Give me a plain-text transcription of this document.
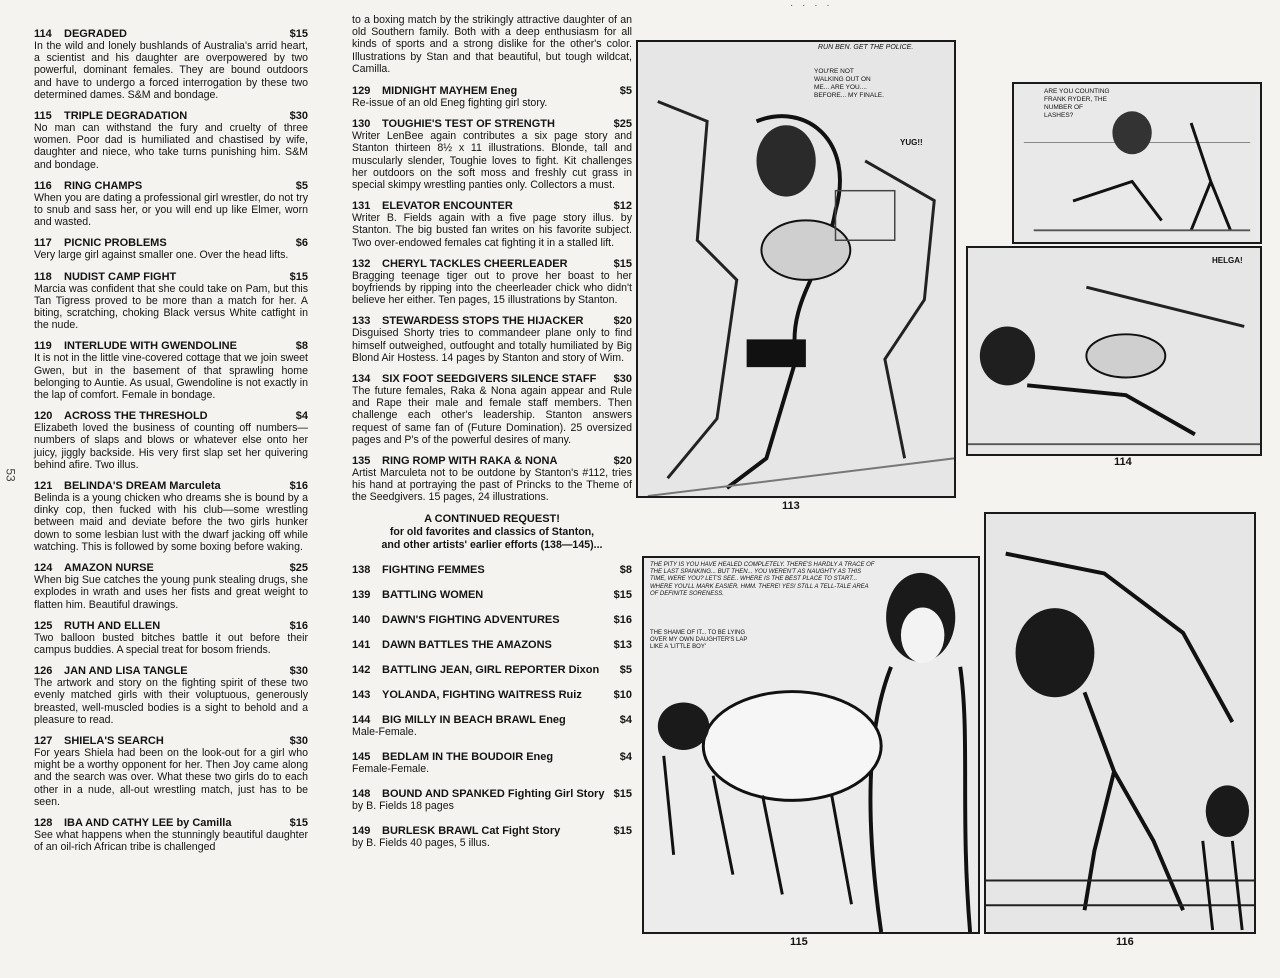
· · · ·
53
114 DEGRADED	$15
In the wild and lonely bushlands of Australia's arrid heart, a scientist and his daughter are overpowered by two powerful, dominant females. They are bound outdoors and have to undergo a forced interrogation by these two determined dames. S&M and bondage.
115 TRIPLE DEGRADATION	$30
No man can withstand the fury and cruelty of three women. Poor dad is humiliated and chastised by wife, daughter and niece, who take turns punishing him. S&M and bondage.
116 RING CHAMPS	$5
When you are dating a professional girl wrestler, do not try to snub and sass her, or you will end up like Elmer, worn and wasted.
117 PICNIC PROBLEMS	$6
Very large girl against smaller one. Over the head lifts.
118 NUDIST CAMP FIGHT	$15
Marcia was confident that she could take on Pam, but this Tan Tigress proved to be more than a match for her. A biting, scratching, choking Black versus White catfight in the nude.
119 INTERLUDE WITH GWENDOLINE	$8
It is not in the little vine-covered cottage that we join sweet Gwen, but in the basement of that sprawling home belonging to Auntie. As usual, Gwendoline is not exactly in the lap of comfort. Female in bondage.
120 ACROSS THE THRESHOLD	$4
Elizabeth loved the business of counting off numbers—numbers of slaps and blows or whatever else onto her juicy, jiggly backside. His very first slap set her quivering behind afire. Two illus.
121 BELINDA'S DREAM Marculeta	$16
Belinda is a young chicken who dreams she is bound by a dinky cop, then fucked with his club—some wrestling between maid and deviate before the two girls hunker down to some lesbian lust with the dwarf jacking off while watching. This is followed by some boxing before waking.
124 AMAZON NURSE	$25
When big Sue catches the young punk stealing drugs, she explodes in wrath and uses her fists and great weight to flatten him. Beautiful drawings.
125 RUTH AND ELLEN	$16
Two balloon busted bitches battle it out before their campus buddies. A special treat for bosom friends.
126 JAN AND LISA TANGLE	$30
The artwork and story on the fighting spirit of these two evenly matched girls with their voluptuous, generously breasted, well-muscled bodies is a sight to behold and a pleasure to read.
127 SHIELA'S SEARCH	$30
For years Shiela had been on the look-out for a girl who might be a worthy opponent for her. Then Joy came along and the search was over. What these two girls do to each other in a nude, all-out wrestling match, just has to be seen.
128 IBA AND CATHY LEE by Camilla	$15
See what happens when the stunningly beautiful daughter of an oil-rich African tribe is challenged

to a boxing match by the strikingly attractive daughter of an old Southern family. Both with a deep enthusiasm for all kinds of sports and a strong dislike for the other's color. Illustrations by Stan and that beautiful, but tough wildcat, Camilla.

129 MIDNIGHT MAYHEM Eneg	$5
Re-issue of an old Eneg fighting girl story.
130 TOUGHIE'S TEST OF STRENGTH	$25
Writer LenBee again contributes a six page story and Stanton thirteen 8½ x 11 illustrations. Blonde, tall and muscularly slender, Toughie loves to fight. Kit challenges her outdoors on the soft moss and freshly cut grass in special skimpy wrestling panties only. Collectors a must.
131 ELEVATOR ENCOUNTER	$12
Writer B. Fields again with a five page story illus. by Stanton. The big busted fan writes on his favorite subject. Two over-endowed females cat fighting it in a stalled lift.
132 CHERYL TACKLES CHEERLEADER	$15
Bragging teenage tiger out to prove her boast to her boyfriends by ripping into the cheerleader chick who didn't believe her either. Ten pages, 15 illustrations by Stanton.
133 STEWARDESS STOPS THE HIJACKER	$20
Disguised Shorty tries to commandeer plane only to find himself outweighed, outfought and totally humiliated by Big Blond Air Hostess. 14 pages by Stanton and story of Wim.
134 SIX FOOT SEEDGIVERS SILENCE STAFF	$30
The future females, Raka & Nona again appear and Rule and Rape their male and female staff members. Then challenge each other's leadership. Stanton answers request of same fan of (Future Domination). 25 oversized pages and P's of the powerful desires of many.
135 RING ROMP WITH RAKA & NONA	$20
Artist Marculeta not to be outdone by Stanton's #112, tries his hand at portraying the past of Princks to the Theme of the Seedgivers. 15 pages, 24 illustrations.
A CONTINUED REQUEST!
for old favorites and classics of Stanton,
and other artists' earlier efforts (138—145)...
138 FIGHTING FEMMES	$8
139 BATTLING WOMEN	$15
140 DAWN'S FIGHTING ADVENTURES	$16
141 DAWN BATTLES THE AMAZONS	$13
142 BATTLING JEAN, GIRL REPORTER Dixon	$5
143 YOLANDA, FIGHTING WAITRESS Ruiz	$10
144 BIG MILLY IN BEACH BRAWL Eneg	$4
Male-Female.
145 BEDLAM IN THE BOUDOIR Eneg	$4
Female-Female.
148 BOUND AND SPANKED Fighting Girl Story $15
by B. Fields 18 pages
149 BURLESK BRAWL Cat Fight Story	$15
by B. Fields 40 pages, 5 illus.
RUN BEN. GET THE POLICE.
YOU'RE NOT WALKING OUT ON ME... ARE YOU.... BEFORE... MY FINALE.
YUG!!
113
ARE YOU COUNTING FRANK RYDER, THE NUMBER OF LASHES?
HELGA!
114
THE PITY IS YOU HAVE HEALED COMPLETELY. THERE'S HARDLY A TRACE OF THE LAST SPANKING... BUT THEN... YOU WEREN'T AS NAUGHTY AS THIS TIME, WERE YOU? LET'S SEE.. WHERE IS THE BEST PLACE TO START... WHERE YOU'LL MARK EASIER. HMM. THERE! YES! STILL A TELL-TALE AREA OF DEFINITE SORENESS.
THE SHAME OF IT... TO BE LYING OVER MY OWN DAUGHTER'S LAP LIKE A 'LITTLE BOY'
115	116
